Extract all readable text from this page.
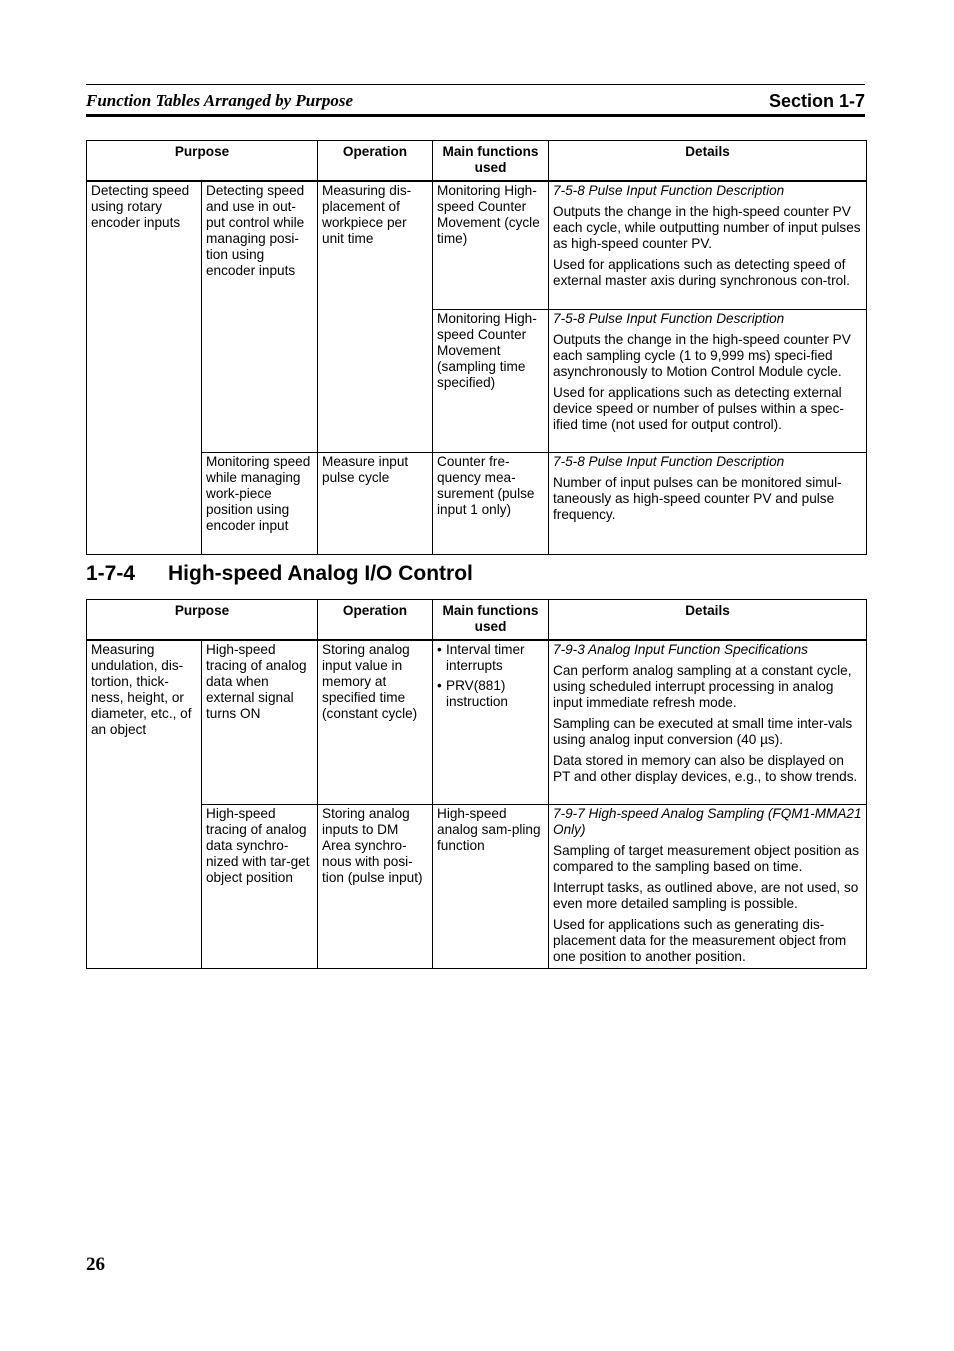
Function Tables Arranged by Purpose	Section 1-7
Purpose		Operation	Main functions used	Details
Detecting speed using rotary encoder inputs	Detecting speed and use in out-put control while managing posi-tion using encoder inputs	Measuring dis-placement of workpiece per unit time	Monitoring High-speed Counter Movement (cycle time)	7-5-8 Pulse Input Function Description
Outputs the change in the high-speed counter PV each cycle, while outputting number of input pulses as high-speed counter PV.
Used for applications such as detecting speed of external master axis during synchronous con-trol.

			Monitoring High-speed Counter Movement (sampling time specified)	7-5-8 Pulse Input Function Description
Outputs the change in the high-speed counter PV each sampling cycle (1 to 9,999 ms) speci-fied asynchronously to Motion Control Module cycle.
Used for applications such as detecting external device speed or number of pulses within a spec-ified time (not used for output control).

	Monitoring speed while managing work-piece position using encoder input	Measure input pulse cycle	Counter fre-quency mea-surement (pulse input 1 only)	7-5-8 Pulse Input Function Description
Number of input pulses can be monitored simul-taneously as high-speed counter PV and pulse frequency.
1-7-4 High-speed Analog I/O Control
Purpose		Operation	Main functions used	Details
Measuring undulation, dis-tortion, thick-ness, height, or diameter, etc., of an object	High-speed tracing of analog data when external signal turns ON	Storing analog input value in memory at specified time (constant cycle)	• Interval timer interrupts
• PRV(881) instruction	7-9-3 Analog Input Function Specifications
Can perform analog sampling at a constant cycle, using scheduled interrupt processing in analog input immediate refresh mode.
Sampling can be executed at small time inter-vals using analog input conversion (40 µs).
Data stored in memory can also be displayed on PT and other display devices, e.g., to show trends.

	High-speed tracing of analog data synchro-nized with tar-get object position	Storing analog inputs to DM Area synchro-nous with posi-tion (pulse input)	High-speed analog sam-pling function	7-9-7 High-speed Analog Sampling (FQM1-MMA21 Only)
Sampling of target measurement object position as compared to the sampling based on time.
Interrupt tasks, as outlined above, are not used, so even more detailed sampling is possible.
Used for applications such as generating dis-placement data for the measurement object from one position to another position.
26
